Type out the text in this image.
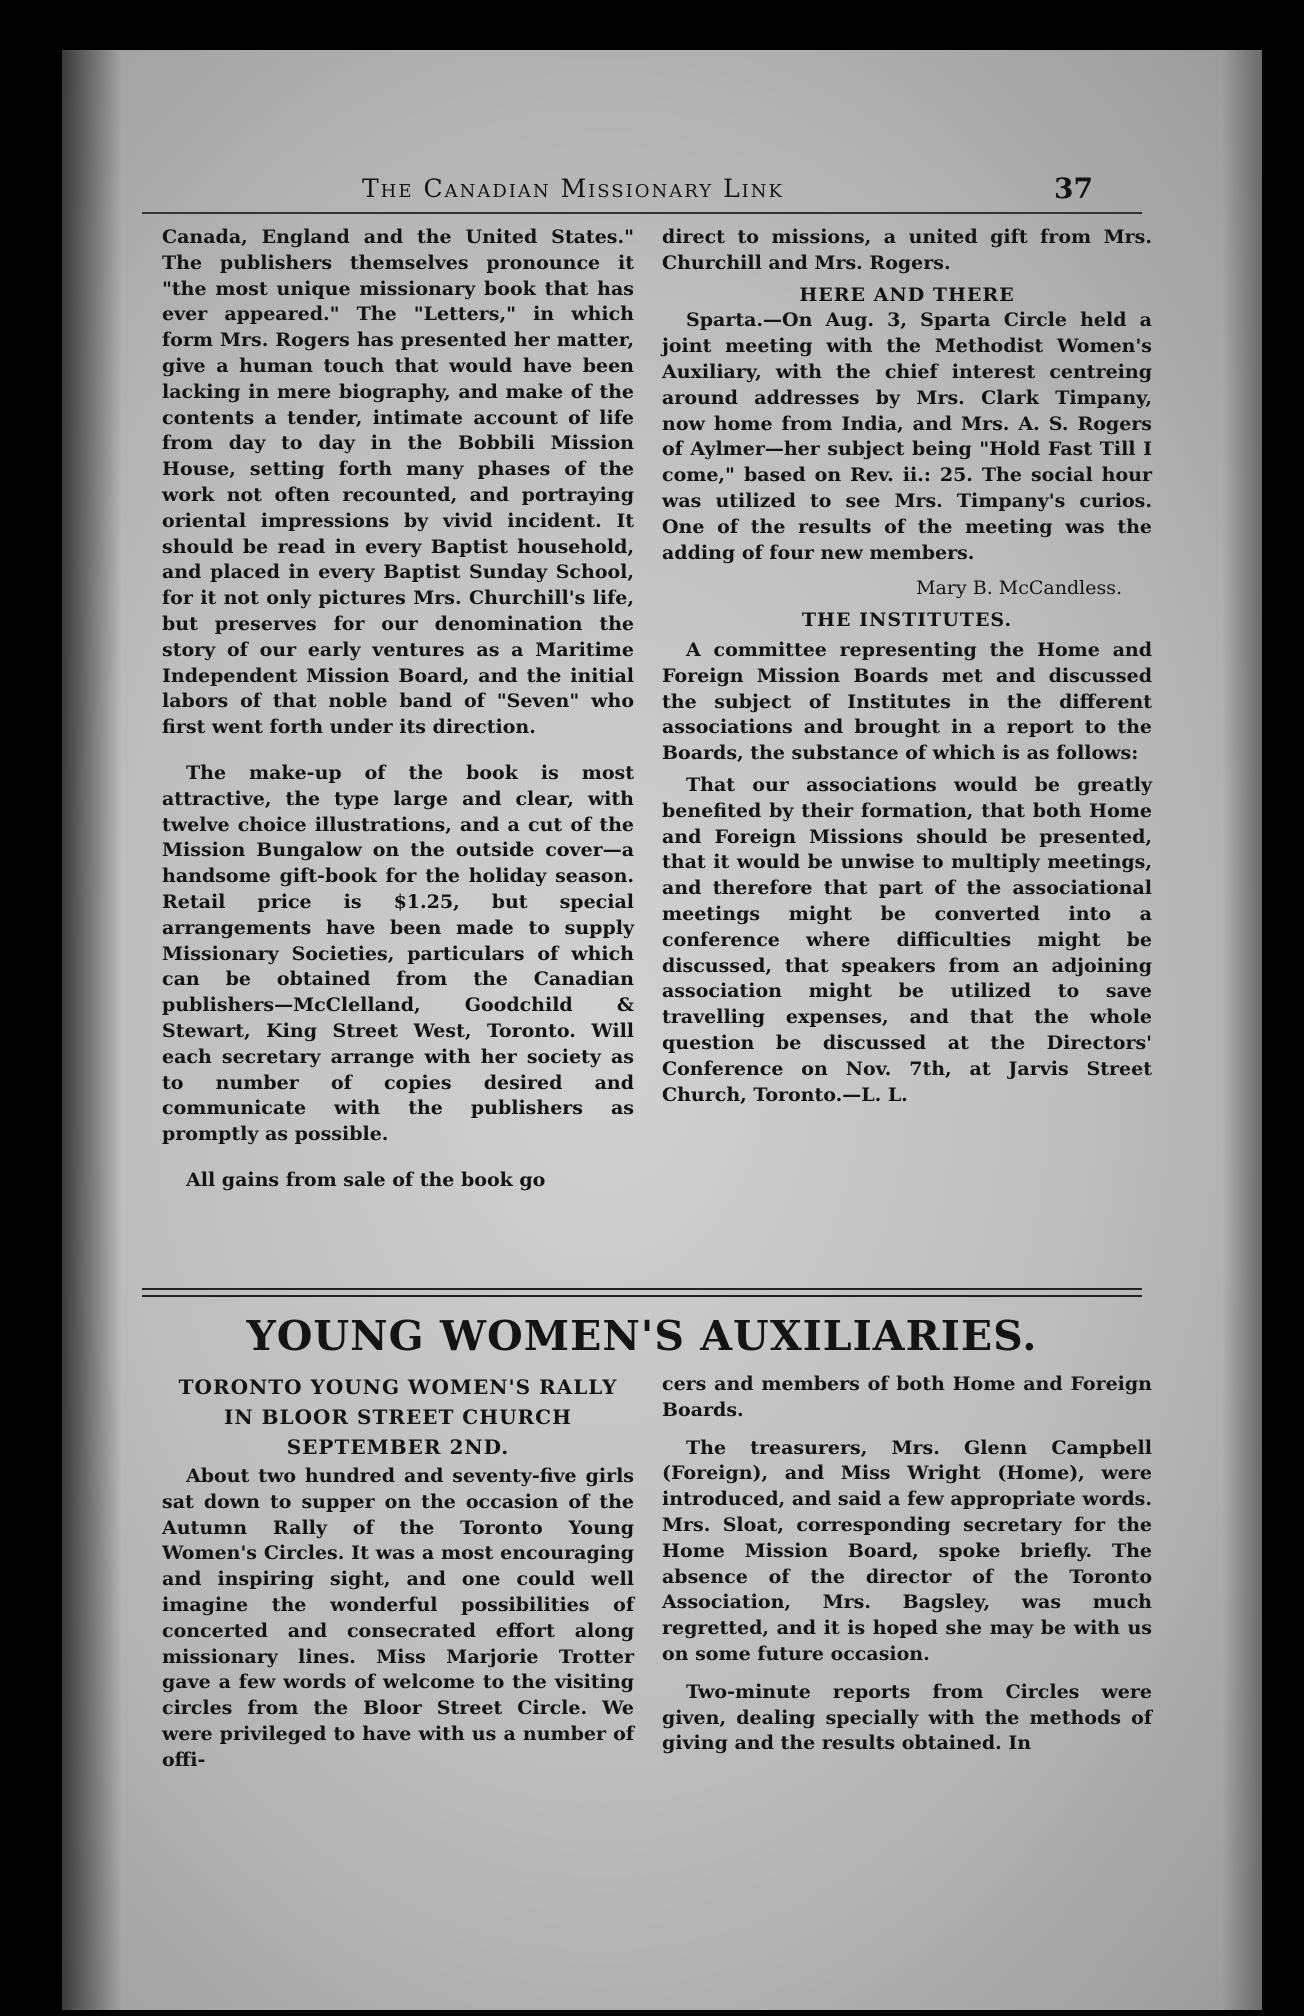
The Canadian Missionary Link	37

Canada, England and the United States." The publishers themselves pronounce it "the most unique missionary book that has ever appeared." The "Letters," in which form Mrs. Rogers has presented her matter, give a human touch that would have been lacking in mere biography, and make of the contents a tender, intimate account of life from day to day in the Bobbili Mission House, setting forth many phases of the work not often recounted, and portraying oriental impressions by vivid incident. It should be read in every Baptist household, and placed in every Baptist Sunday School, for it not only pictures Mrs. Churchill's life, but preserves for our denomination the story of our early ventures as a Maritime Independent Mission Board, and the initial labors of that noble band of "Seven" who first went forth under its direction.

The make-up of the book is most attractive, the type large and clear, with twelve choice illustrations, and a cut of the Mission Bungalow on the outside cover—a handsome gift-book for the holiday season. Retail price is $1.25, but special arrangements have been made to supply Missionary Societies, particulars of which can be obtained from the Canadian publishers—McClelland, Goodchild & Stewart, King Street West, Toronto. Will each secretary arrange with her society as to number of copies desired and communicate with the publishers as promptly as possible.

All gains from sale of the book go

direct to missions, a united gift from Mrs. Churchill and Mrs. Rogers.

HERE AND THERE

Sparta.—On Aug. 3, Sparta Circle held a joint meeting with the Methodist Women's Auxiliary, with the chief interest centreing around addresses by Mrs. Clark Timpany, now home from India, and Mrs. A. S. Rogers of Aylmer—her subject being "Hold Fast Till I come," based on Rev. ii.: 25. The social hour was utilized to see Mrs. Timpany's curios. One of the results of the meeting was the adding of four new members.

Mary B. McCandless.

THE INSTITUTES.

A committee representing the Home and Foreign Mission Boards met and discussed the subject of Institutes in the different associations and brought in a report to the Boards, the substance of which is as follows:

That our associations would be greatly benefited by their formation, that both Home and Foreign Missions should be presented, that it would be unwise to multiply meetings, and therefore that part of the associational meetings might be converted into a conference where difficulties might be discussed, that speakers from an adjoining association might be utilized to save travelling expenses, and that the whole question be discussed at the Directors' Conference on Nov. 7th, at Jarvis Street Church, Toronto.—L. L.

YOUNG WOMEN'S AUXILIARIES.

TORONTO YOUNG WOMEN'S RALLY

IN BLOOR STREET CHURCH

SEPTEMBER 2ND.

About two hundred and seventy-five girls sat down to supper on the occasion of the Autumn Rally of the Toronto Young Women's Circles. It was a most encouraging and inspiring sight, and one could well imagine the wonderful possibilities of concerted and consecrated effort along missionary lines. Miss Marjorie Trotter gave a few words of welcome to the visiting circles from the Bloor Street Circle. We were privileged to have with us a number of offi-

cers and members of both Home and Foreign Boards.

The treasurers, Mrs. Glenn Campbell (Foreign), and Miss Wright (Home), were introduced, and said a few appropriate words. Mrs. Sloat, corresponding secretary for the Home Mission Board, spoke briefly. The absence of the director of the Toronto Association, Mrs. Bagsley, was much regretted, and it is hoped she may be with us on some future occasion.

Two-minute reports from Circles were given, dealing specially with the methods of giving and the results obtained. In
